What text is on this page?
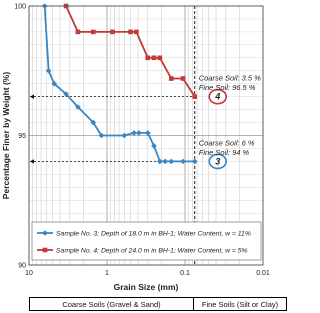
90
95
100
10	1	0.1	0.01
Grain Size (mm)
Percentage Finer by Weight (%)	4
Coarse Soil: 3.5 %
Fine Soil: 96.5 %
3
Coarse Soil: 6 %
Fine Soil: 94 %
Sample No. 3; Depth of 18.0 m in BH-1; Water Content, w = 11%
Sample No. 4; Depth of 24.0 m in BH-1; Water Content, w = 5%
Coarse Soils (Gravel & Sand)	Fine Soils (Silt or Clay)
